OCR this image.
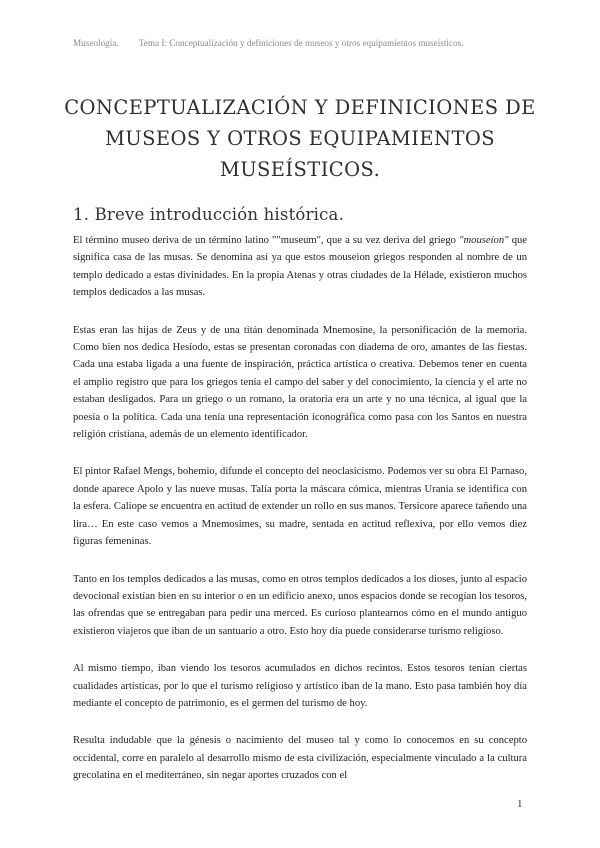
Museología. Tema I: Conceptualización y definiciones de museos y otros equipamientos museísticos.
CONCEPTUALIZACIÓN Y DEFINICIONES DE
MUSEOS Y OTROS EQUIPAMIENTOS
MUSEÍSTICOS.
1. Breve introducción histórica.

El término museo deriva de un término latino ""museum", que a su vez deriva del griego "mouseíon" que significa casa de las musas. Se denomina así ya que estos mouseion griegos responden al nombre de un templo dedicado a estas divinidades. En la propia Atenas y otras ciudades de la Hélade, existieron muchos templos dedicados a las musas.

Estas eran las hijas de Zeus y de una titán denominada Mnemosine, la personificación de la memoria. Como bien nos dedica Hesíodo, estas se presentan coronadas con diadema de oro, amantes de las fiestas. Cada una estaba ligada a una fuente de inspiración, práctica artística o creativa. Debemos tener en cuenta el amplio registro que para los griegos tenía el campo del saber y del conocimiento, la ciencia y el arte no estaban desligados. Para un griego o un romano, la oratoria era un arte y no una técnica, al igual que la poesía o la política. Cada una tenía una representación iconográfica como pasa con los Santos en nuestra religión cristiana, además de un elemento identificador.

El pintor Rafael Mengs, bohemio, difunde el concepto del neoclasicismo. Podemos ver su obra El Parnaso, donde aparece Apolo y las nueve musas. Talía porta la máscara cómica, mientras Urania se identifica con la esfera. Calíope se encuentra en actitud de extender un rollo en sus manos. Tersícore aparece tañendo una lira… En este caso vemos a Mnemosimes, su madre, sentada en actitud reflexiva, por ello vemos diez figuras femeninas.

Tanto en los templos dedicados a las musas, como en otros templos dedicados a los dioses, junto al espacio devocional existían bien en su interior o en un edificio anexo, unos espacios donde se recogían los tesoros, las ofrendas que se entregaban para pedir una merced. Es curioso plantearnos cómo en el mundo antiguo existieron viajeros que iban de un santuario a otro. Esto hoy día puede considerarse turismo religioso.

Al mismo tiempo, iban viendo los tesoros acumulados en dichos recintos. Estos tesoros tenían ciertas cualidades artísticas, por lo que el turismo religioso y artístico iban de la mano. Esto pasa también hoy día mediante el concepto de patrimonio, es el germen del turismo de hoy.

Resulta indudable que la génesis o nacimiento del museo tal y como lo conocemos en su concepto occidental, corre en paralelo al desarrollo mismo de esta civilización, especialmente vinculado a la cultura grecolatina en el mediterráneo, sin negar aportes cruzados con el

1
